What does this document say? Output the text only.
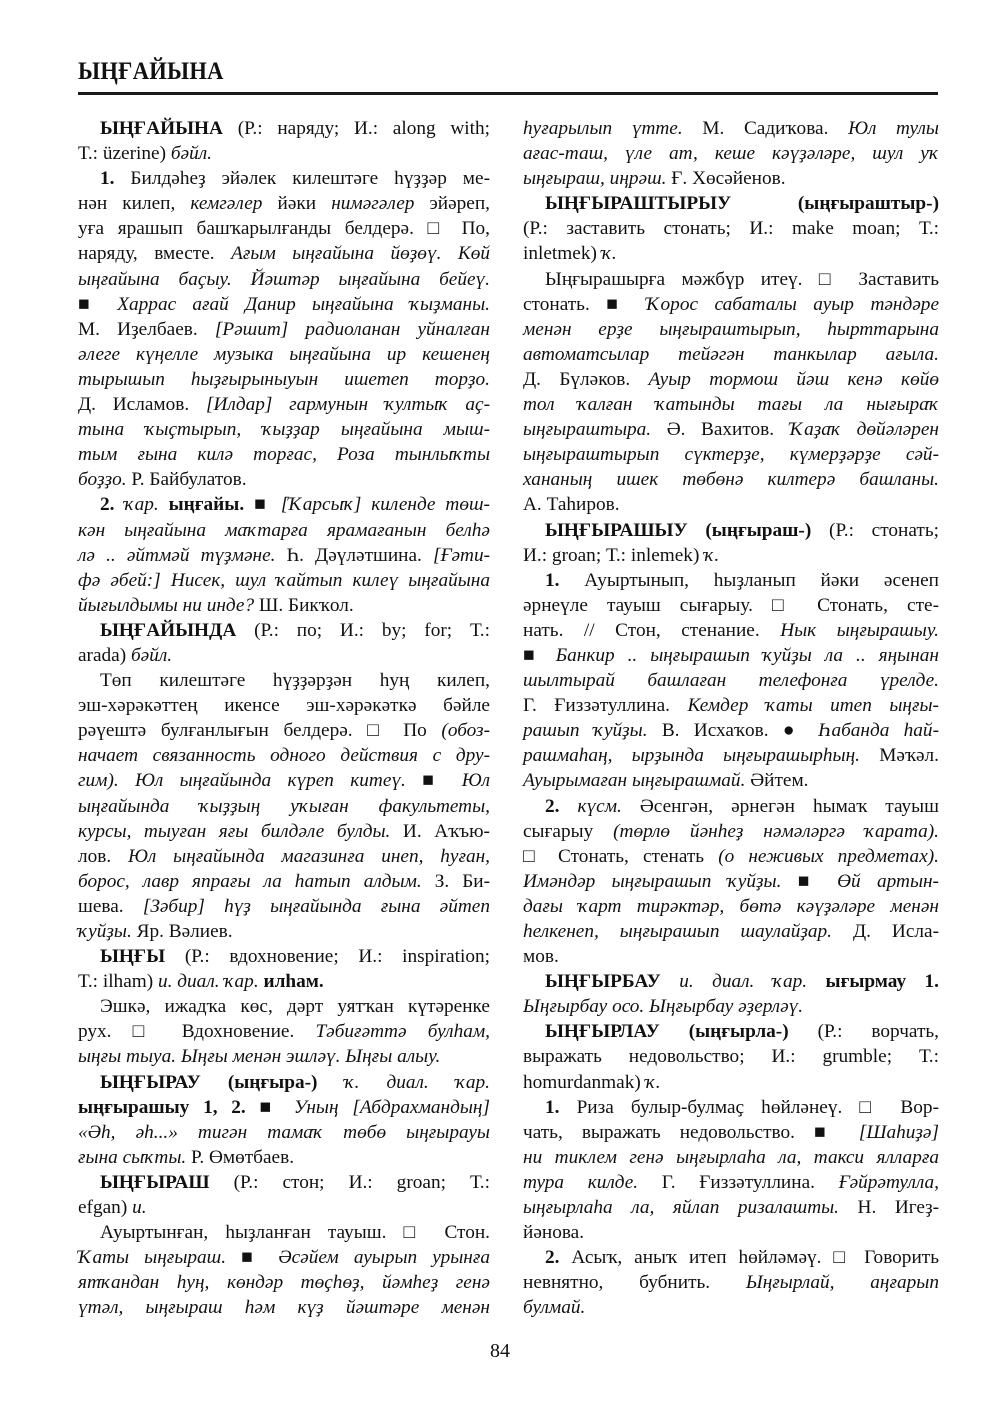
ЫҢҒАЙЫНА
ЫҢҒАЙЫНА (Р.: наряду; И.: along with;
Т.: üzerine) бәйл.
1. Билдәһеҙ эйәлек килештәге һүҙҙәр ме-
нән килеп, кемгәлер йәки нимәгәлер эйәреп,
уға ярашып башҡарылғанды белдерә. □ По,
наряду, вместе. Ағым ыңғайына йөҙөү. Көй
ыңғайына баҫыу. Йәштәр ыңғайына бейеү.
■ Харрас ағай Данир ыңғайына ҡыҙманы.
М. Иҙелбаев. [Рәшит] радиоланан уйналған
әлеге күңелле музыка ыңғайына ир кешенең
тырышып һыҙғырыныуын ишетеп торҙо.
Д. Исламов. [Илдар] гармунын ҡултыҡ аҫ-
тына ҡыҫтырып, ҡыҙҙар ыңғайына мыш-
тым ғына килә торғас, Роза тынлыҡты
боҙҙо. Р. Байбулатов.
2. ҡар. ыңғайы. ■ [Ҡарсыҡ] киленде төш-
кән ыңғайына маҡтарға ярамағанын белһә
лә .. әйтмәй түҙмәне. Һ. Дәүләтшина. [Ғәти-
фә әбей:] Нисек, шул ҡайтып килеү ыңғайына
йығылдымы ни инде? Ш. Бикҡол.
ЫҢҒАЙЫНДА (Р.: по; И.: by; for; Т.:
arada) бәйл.
Төп килештәге һүҙҙәрҙән һуң килеп,
эш-хәрәкәттең икенсе эш-хәрәкәткә бәйле
рәүештә булғанлығын белдерә. □ По (обоз-
начает связанность одного действия с дру-
гим). Юл ыңғайында күреп китеү. ■ Юл
ыңғайында ҡыҙҙың уҡыған факультеты,
курсы, тыуған яғы билдәле булды. И. Аҡъю-
лов. Юл ыңғайында магазинға инеп, һуған,
борос, лавр япрағы ла һатып алдым. З. Би-
шева. [Зәбир] һүҙ ыңғайында ғына әйтеп
ҡуйҙы. Яр. Вәлиев.
ЫҢҒЫ (Р.: вдохновение; И.: inspiration;
Т.: ilham) и. диал. ҡар. илһам.
Эшкә, ижадҡа көс, дәрт уятҡан күтәренке
рух. □ Вдохновение. Тәбиғәттә булһам,
ыңғы тыуа. Ыңғы менән эшләү. Ыңғы алыу.
ЫҢҒЫРАУ (ыңғыра-) ҡ. диал. ҡар.
ыңғырашыу 1, 2. ■ Уның [Абдрахмандың]
«Әһ, әһ...» тигән тамаҡ төбө ыңғырауы
ғына сыҡты. Р. Өмөтбаев.
ЫҢҒЫРАШ (Р.: стон; И.: groan; Т.:
efgan) и.
Ауыртынған, һыҙланған тауыш. □ Стон.
Ҡаты ыңғыраш. ■ Әсәйем ауырып урынға
ятҡандан һуң, көндәр төҫһөҙ, йәмһеҙ генә
үтәл, ыңғыраш һәм күҙ йәштәре менән
һуғарылып үтте. М. Садиҡова. Юл тулы
ағас-таш, үле ат, кеше кәүҙәләре, шул уҡ
ыңғыраш, иңрәш. Ғ. Хөсәйенов.
ЫҢҒЫРАШТЫРЫУ (ыңғыраштыр-)
(Р.: заставить стонать; И.: make moan; Т.:
inletmek) ҡ.
Ыңғырашырға мәжбүр итеү. □ Заставить
стонать. ■ Ҡорос сабаталы ауыр тәндәре
менән ерҙе ыңғыраштырып, һырттарына
автоматсылар тейәгән танкылар ағыла.
Д. Бүләков. Ауыр тормош йәш кенә көйө
тол ҡалған ҡатынды тағы ла нығыраҡ
ыңғыраштыра. Ә. Вахитов. Ҡаҙаҡ дөйәләрен
ыңғыраштырып сүктерҙе, күмерҙәрҙе сәй-
хананың ишек төбөнә килтерә башланы.
А. Таһиров.
ЫҢҒЫРАШЫУ (ыңғыраш-) (Р.: стонать;
И.: groan; Т.: inlemek) ҡ.
1. Ауыртынып, һыҙланып йәки әсенеп
әрнеүле тауыш сығарыу. □ Стонать, сте-
нать. // Стон, стенание. Нык ыңғырашыу.
■ Банкир .. ыңғырашып ҡуйҙы ла .. яңынан
шылтырай башлаған телефонға үрелде.
Г. Ғиззәтуллина. Кемдер ҡаты итеп ыңғы-
рашып ҡуйҙы. В. Исхаҡов. ● Һабанда һай-
рашмаһаң, ырҙында ыңғырашырһың. Мәҡәл.
Ауырымаған ыңғырашмай. Әйтем.
2. күсм. Әсенгән, әрнегән һымаҡ тауыш
сығарыу (төрлө йәнһеҙ нәмәләргә ҡарата).
□ Стонать, стенать (о неживых предметах).
Имәндәр ыңғырашып ҡуйҙы. ■ Өй артын-
дағы ҡарт тирәктәр, бөтә кәүҙәләре менән
һелкенеп, ыңғырашып шаулайҙар. Д. Исла-
мов.
ЫҢҒЫРБАУ и. диал. ҡар. ығырмау 1.
Ыңғырбау осо. Ыңғырбау әҙерләү.
ЫҢҒЫРЛАУ (ыңғырла-) (Р.: ворчать,
выражать недовольство; И.: grumble; Т.:
homurdanmak) ҡ.
1. Риза булыр-булмаҫ һөйләнеү. □ Вор-
чать, выражать недовольство. ■ [Шаһиҙә]
ни тиклем генә ыңғырлаһа ла, такси ялларға
тура килде. Г. Ғиззәтуллина. Ғәйрәтулла,
ыңғырлаһа ла, яйлап ризалашты. Н. Игеҙ-
йәнова.
2. Асыҡ, аныҡ итеп һөйләмәү. □ Говорить
невнятно, бубнить. Ыңғырлай, аңғарып
булмай.
84
